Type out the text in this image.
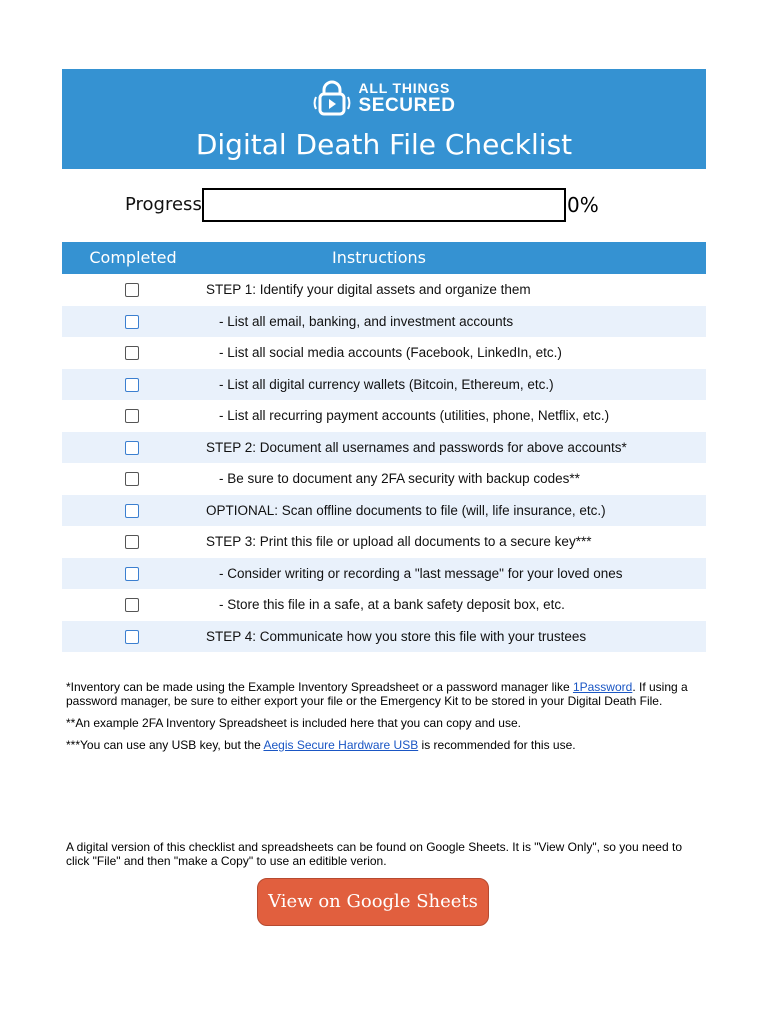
ALL THINGS
SECURED
Digital Death File Checklist
Progress	0%
Completed	Instructions
STEP 1: Identify your digital assets and organize them
- List all email, banking, and investment accounts
- List all social media accounts (Facebook, LinkedIn, etc.)
- List all digital currency wallets (Bitcoin, Ethereum, etc.)
- List all recurring payment accounts (utilities, phone, Netflix, etc.)
STEP 2: Document all usernames and passwords for above accounts*
- Be sure to document any 2FA security with backup codes**
OPTIONAL: Scan offline documents to file (will, life insurance, etc.)
STEP 3: Print this file or upload all documents to a secure key***
- Consider writing or recording a "last message" for your loved ones
- Store this file in a safe, at a bank safety deposit box, etc.
STEP 4: Communicate how you store this file with your trustees

*Inventory can be made using the Example Inventory Spreadsheet or a password manager like 1Password. If using a password manager, be sure to either export your file or the Emergency Kit to be stored in your Digital Death File.

**An example 2FA Inventory Spreadsheet is included here that you can copy and use.

***You can use any USB key, but the Aegis Secure Hardware USB is recommended for this use.

A digital version of this checklist and spreadsheets can be found on Google Sheets. It is "View Only", so you need to click "File" and then "make a Copy" to use an editible verion.
View on Google Sheets
